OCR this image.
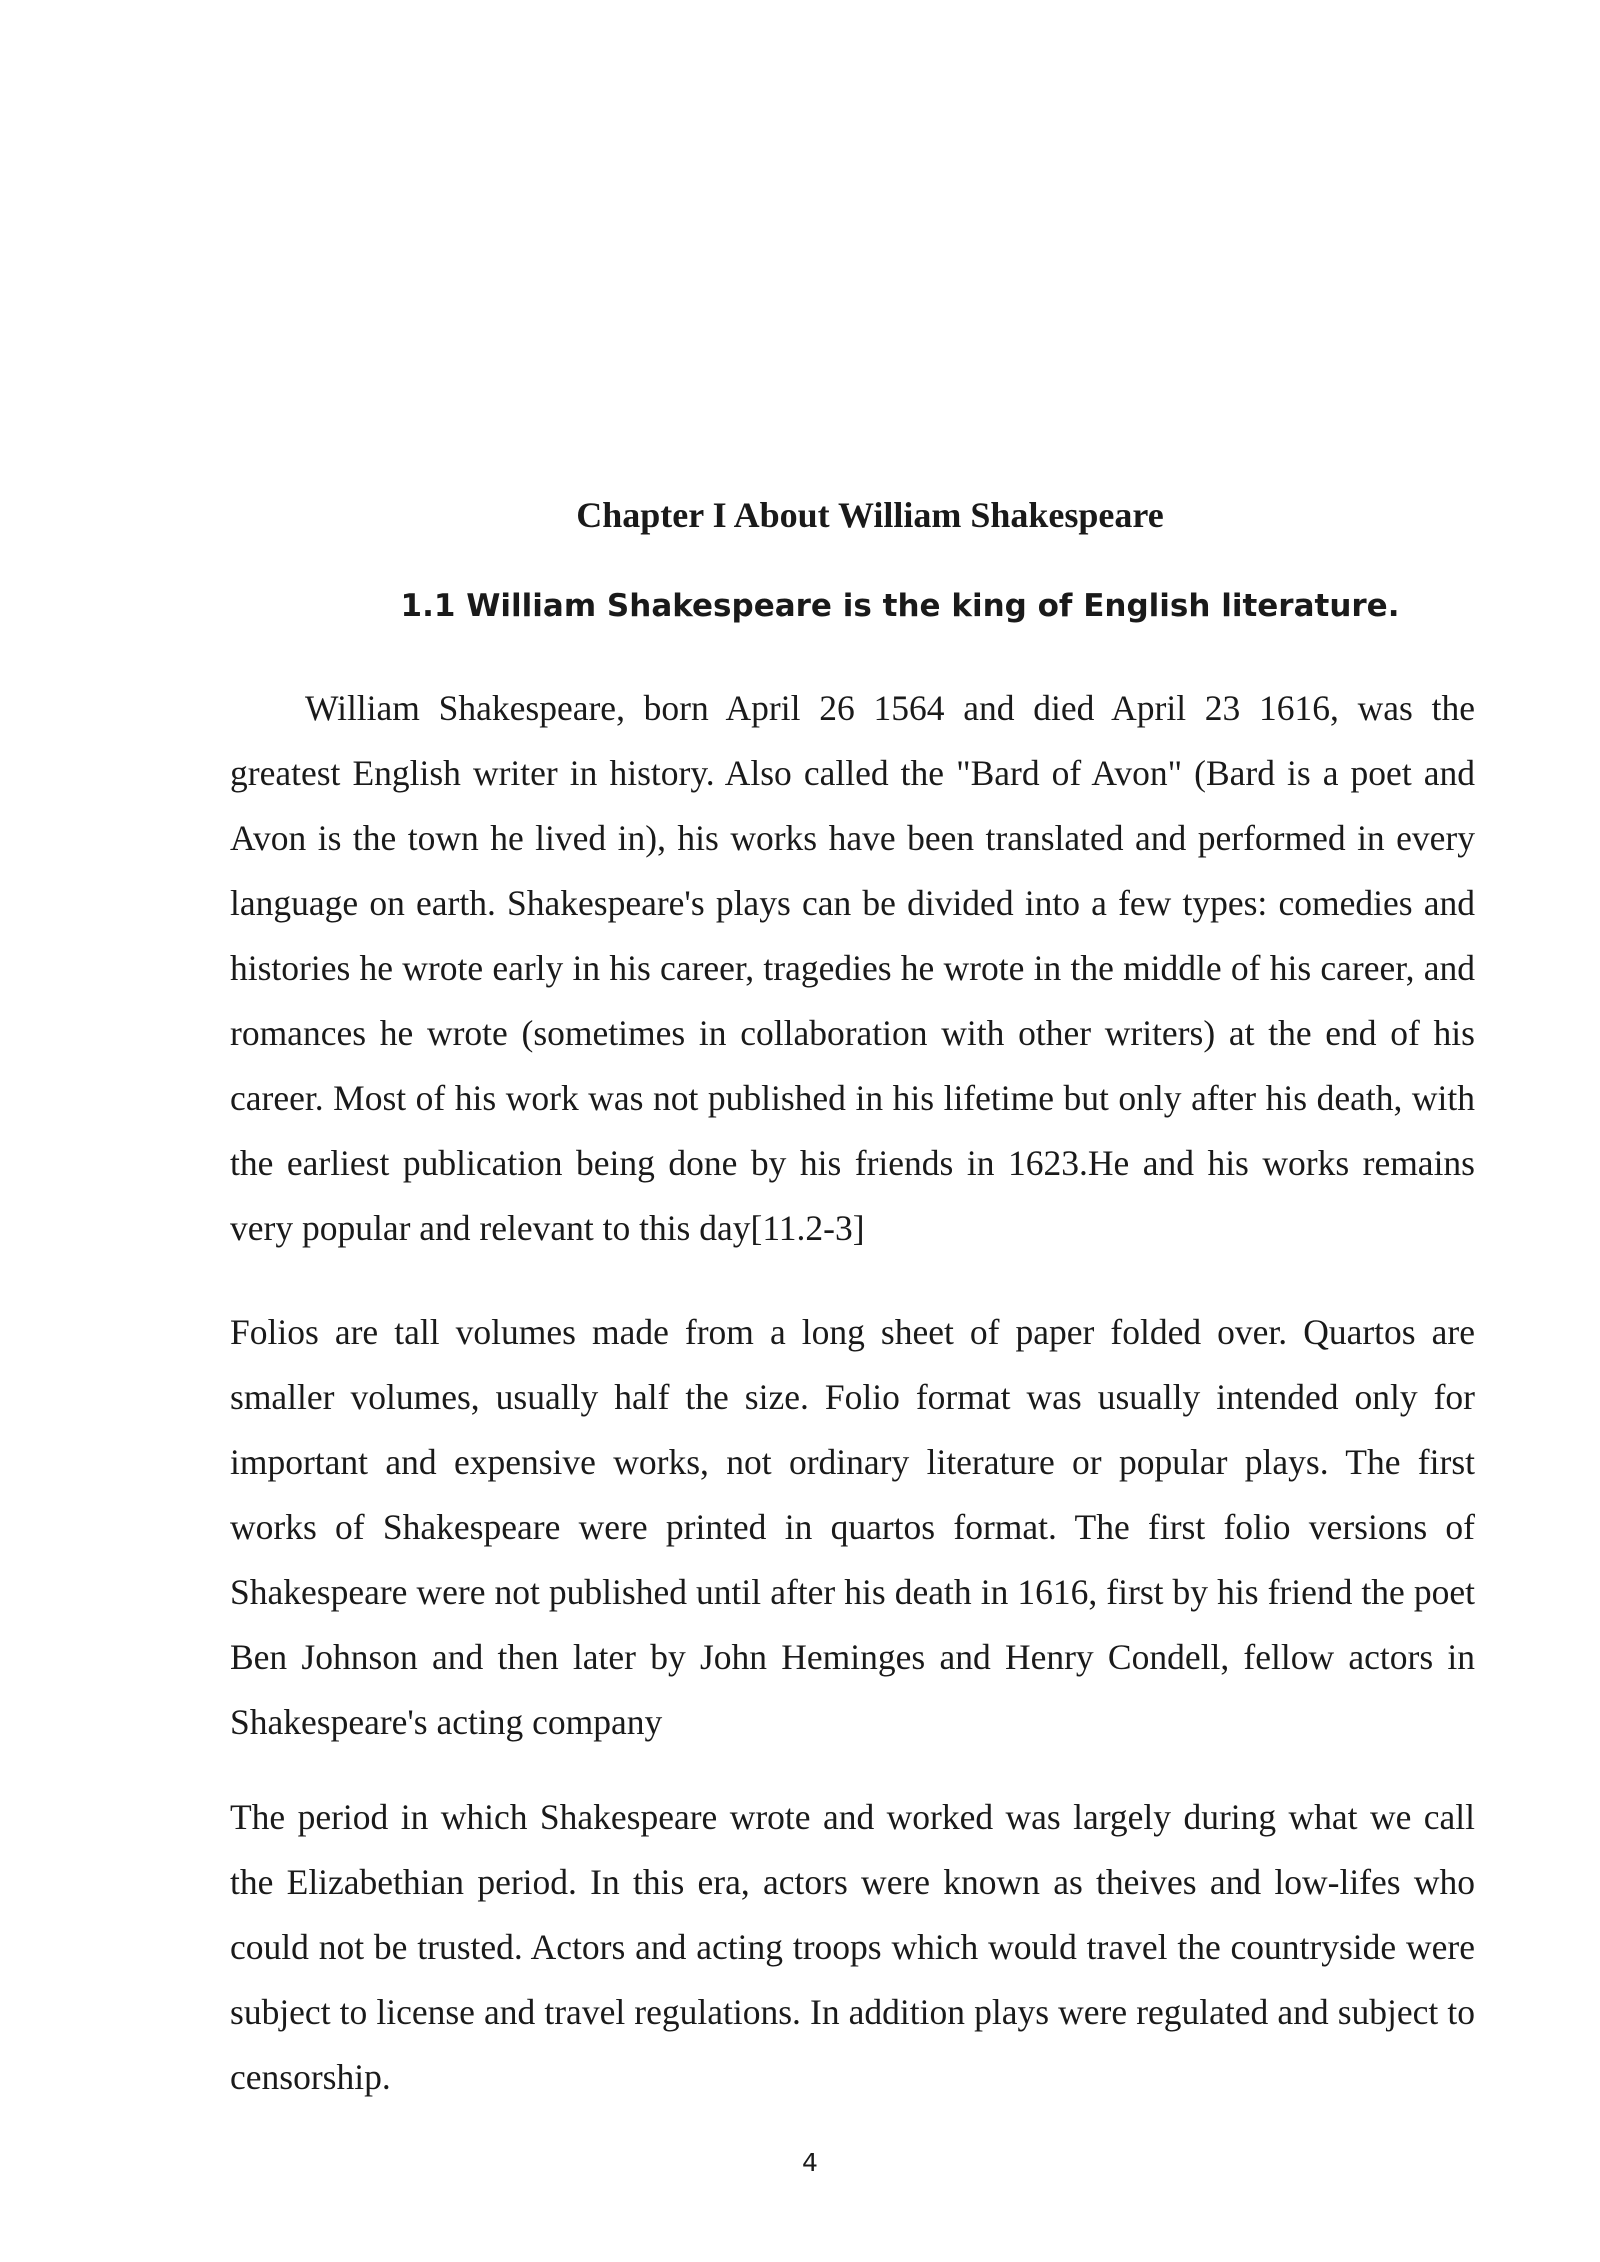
Chapter I About William Shakespeare
1.1 William Shakespeare is the king of English literature.

William Shakespeare, born April 26 1564 and died April 23 1616, was the greatest English writer in history. Also called the "Bard of Avon" (Bard is a poet and Avon is the town he lived in), his works have been translated and performed in every language on earth. Shakespeare's plays can be divided into a few types: comedies and histories he wrote early in his career, tragedies he wrote in the middle of his career, and romances he wrote (sometimes in collaboration with other writers) at the end of his career. Most of his work was not published in his lifetime but only after his death, with the earliest publication being done by his friends in 1623.He and his works remains very popular and relevant to this day[11.2-3]

Folios are tall volumes made from a long sheet of paper folded over. Quartos are smaller volumes, usually half the size. Folio format was usually intended only for important and expensive works, not ordinary literature or popular plays. The first works of Shakespeare were printed in quartos format. The first folio versions of Shakespeare were not published until after his death in 1616, first by his friend the poet Ben Johnson and then later by John Heminges and Henry Condell, fellow actors in Shakespeare's acting company

The period in which Shakespeare wrote and worked was largely during what we call the Elizabethian period. In this era, actors were known as theives and low-lifes who could not be trusted. Actors and acting troops which would travel the countryside were subject to license and travel regulations. In addition plays were regulated and subject to censorship.

4
